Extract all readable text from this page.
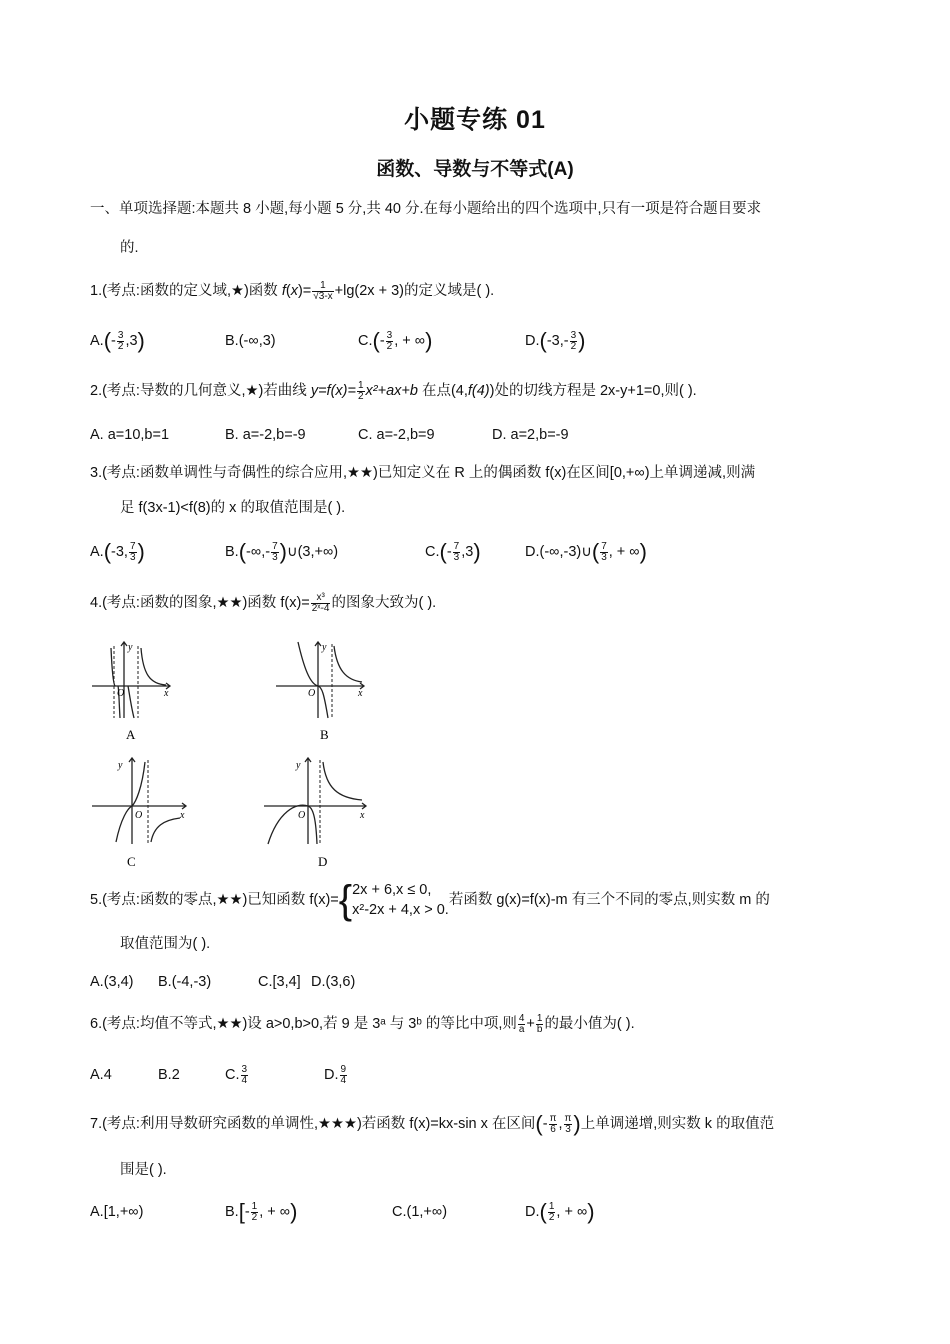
小题专练 01
函数、导数与不等式(A)
一、单项选择题:本题共 8 小题,每小题 5 分,共 40 分.在每小题给出的四个选项中,只有一项是符合题目要求
的.
1.(考点:函数的定义域,★)函数 $f(x)= \frac{1}{√3-x} +\lg(2x + 3)$的定义域是( ).
$A.(- \frac{3}{2} ,3)$	B.(-∞,3)	$C.(- \frac{3}{2}$ , + ∞)	$D.(-3,- \frac{3}{2}$ )
2.(考点:导数的几何意义,★)若曲线 $y=f(x)= \frac{1}{2} x^2+ax+b$ 在点(4,f(4))处的切线方程是 2x-y+1=0,则( ).
A. a=10,b=1	B. a=-2,b=-9	C. a=-2,b=9	D. a=2,b=-9
3.(考点:函数单调性与奇偶性的综合应用,★★)已知定义在 R 上的偶函数 f(x)在区间[0,+∞)上单调递减,则满
足 f(3x-1)<f(8)的 x 的取值范围是( ).
A.(-3, $\frac{7}{3}$ )	$B.(-\infty,- \frac{7}{3}$ )∪(3,+∞)	$C.(- \frac{7}{3} ,3)$	D.(-∞,-3)∪( $\frac{7}{3}$ , + ∞)
4.(考点:函数的图象,★★)函数 $f(x)= \frac{\text{x³}}{\text{2ˣ-4}}$ 的图象大致为( ).
y
x
O
A
y
x
O
B
y
x
O
C
y
x
O
D
5.(考点:函数的零点,★★)已知函数 f(x)={ 2x + 6,x ≤ 0,
x²-2x + 4,x > 0.
若函数 g(x)=f(x)-m 有三个不同的零点,则实数 m 的
取值范围为( ).
A.(3,4) B.(-4,-3)	C.[3,4] D.(3,6)
6.(考点:均值不等式,★★)设 a>0,b>0,若 9 是 3ᵃ 与 3ᵇ 的等比中项,则 $\frac{4}{a} + \frac{1}{b}$ 的最小值为( ).
A.4	B.2	C. $\frac{3}{4}$	D. $\frac{9}{4}$
7.(考点:利用导数研究函数的单调性,★★★)若函数 f(x)=kx-sin x 在区间(- $\frac{\pi}{6}$ , $\frac{\pi}{3}$ )上单调递增,则实数 k 的取值范
围是( ).
A.[1,+∞)	$B.[- \frac{1}{2}$ , + ∞)	C.(1,+∞)	$D.( \frac{1}{2}$ , + ∞)
